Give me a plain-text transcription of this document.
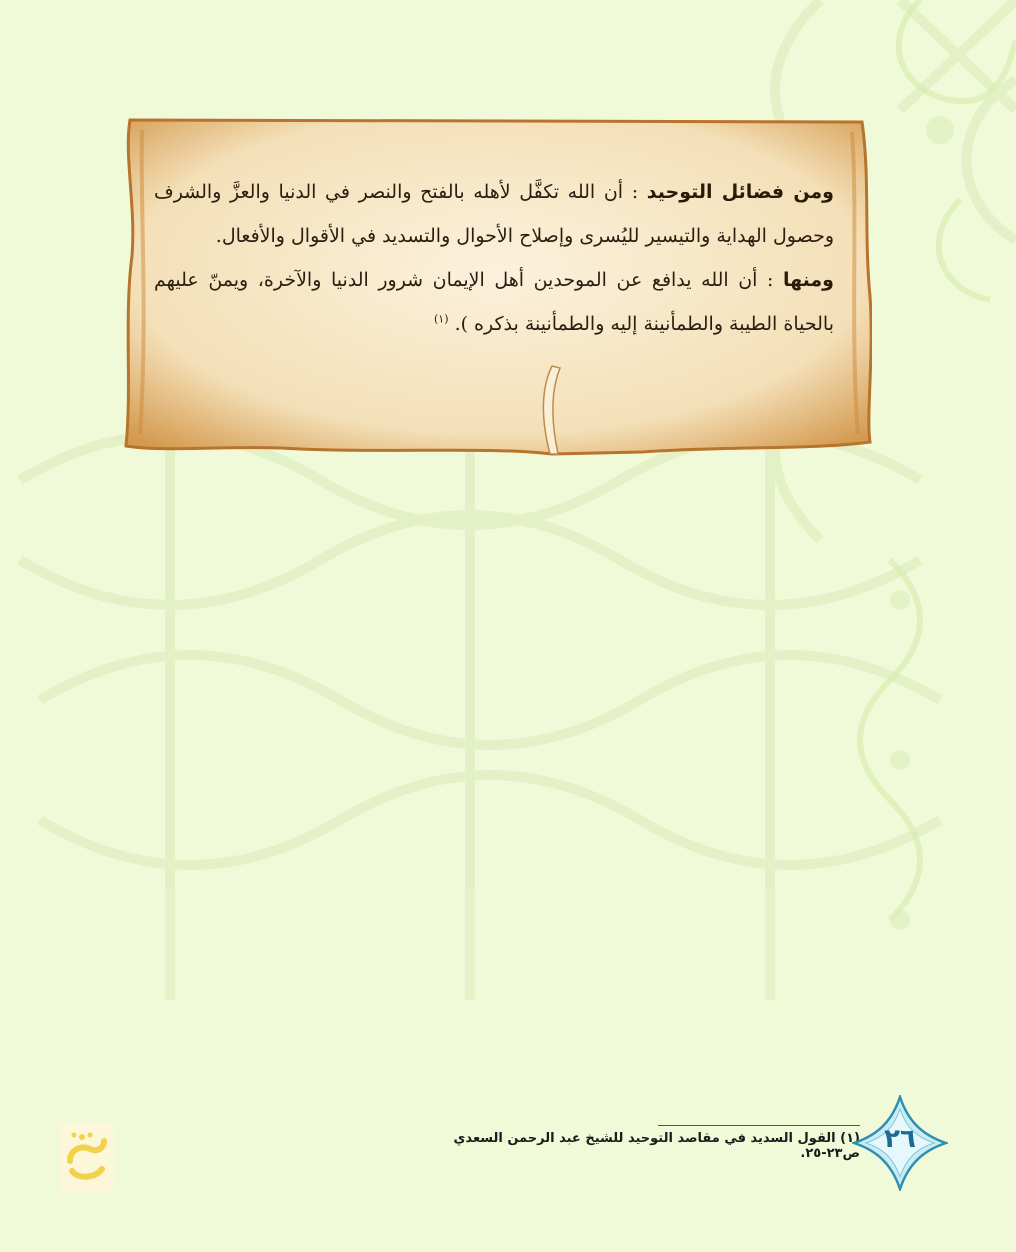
ومن فضائل التوحيد : أن الله تكفَّل لأهله بالفتح والنصر في الدنيا والعزَّ والشرف وحصول الهداية والتيسير لليُسرى وإصلاح الأحوال والتسديد في الأقوال والأفعال.

ومنها : أن الله يدافع عن الموحدين أهل الإيمان شرور الدنيا والآخرة، ويمنّ عليهم بالحياة الطيبة والطمأنينة إليه والطمأنينة بذكره ). $^{(١)}$

(١) القول السديد في مقاصد التوحيد للشيخ عبد الرحمن السعدي ص٢٣-٢٥. ٢٦
